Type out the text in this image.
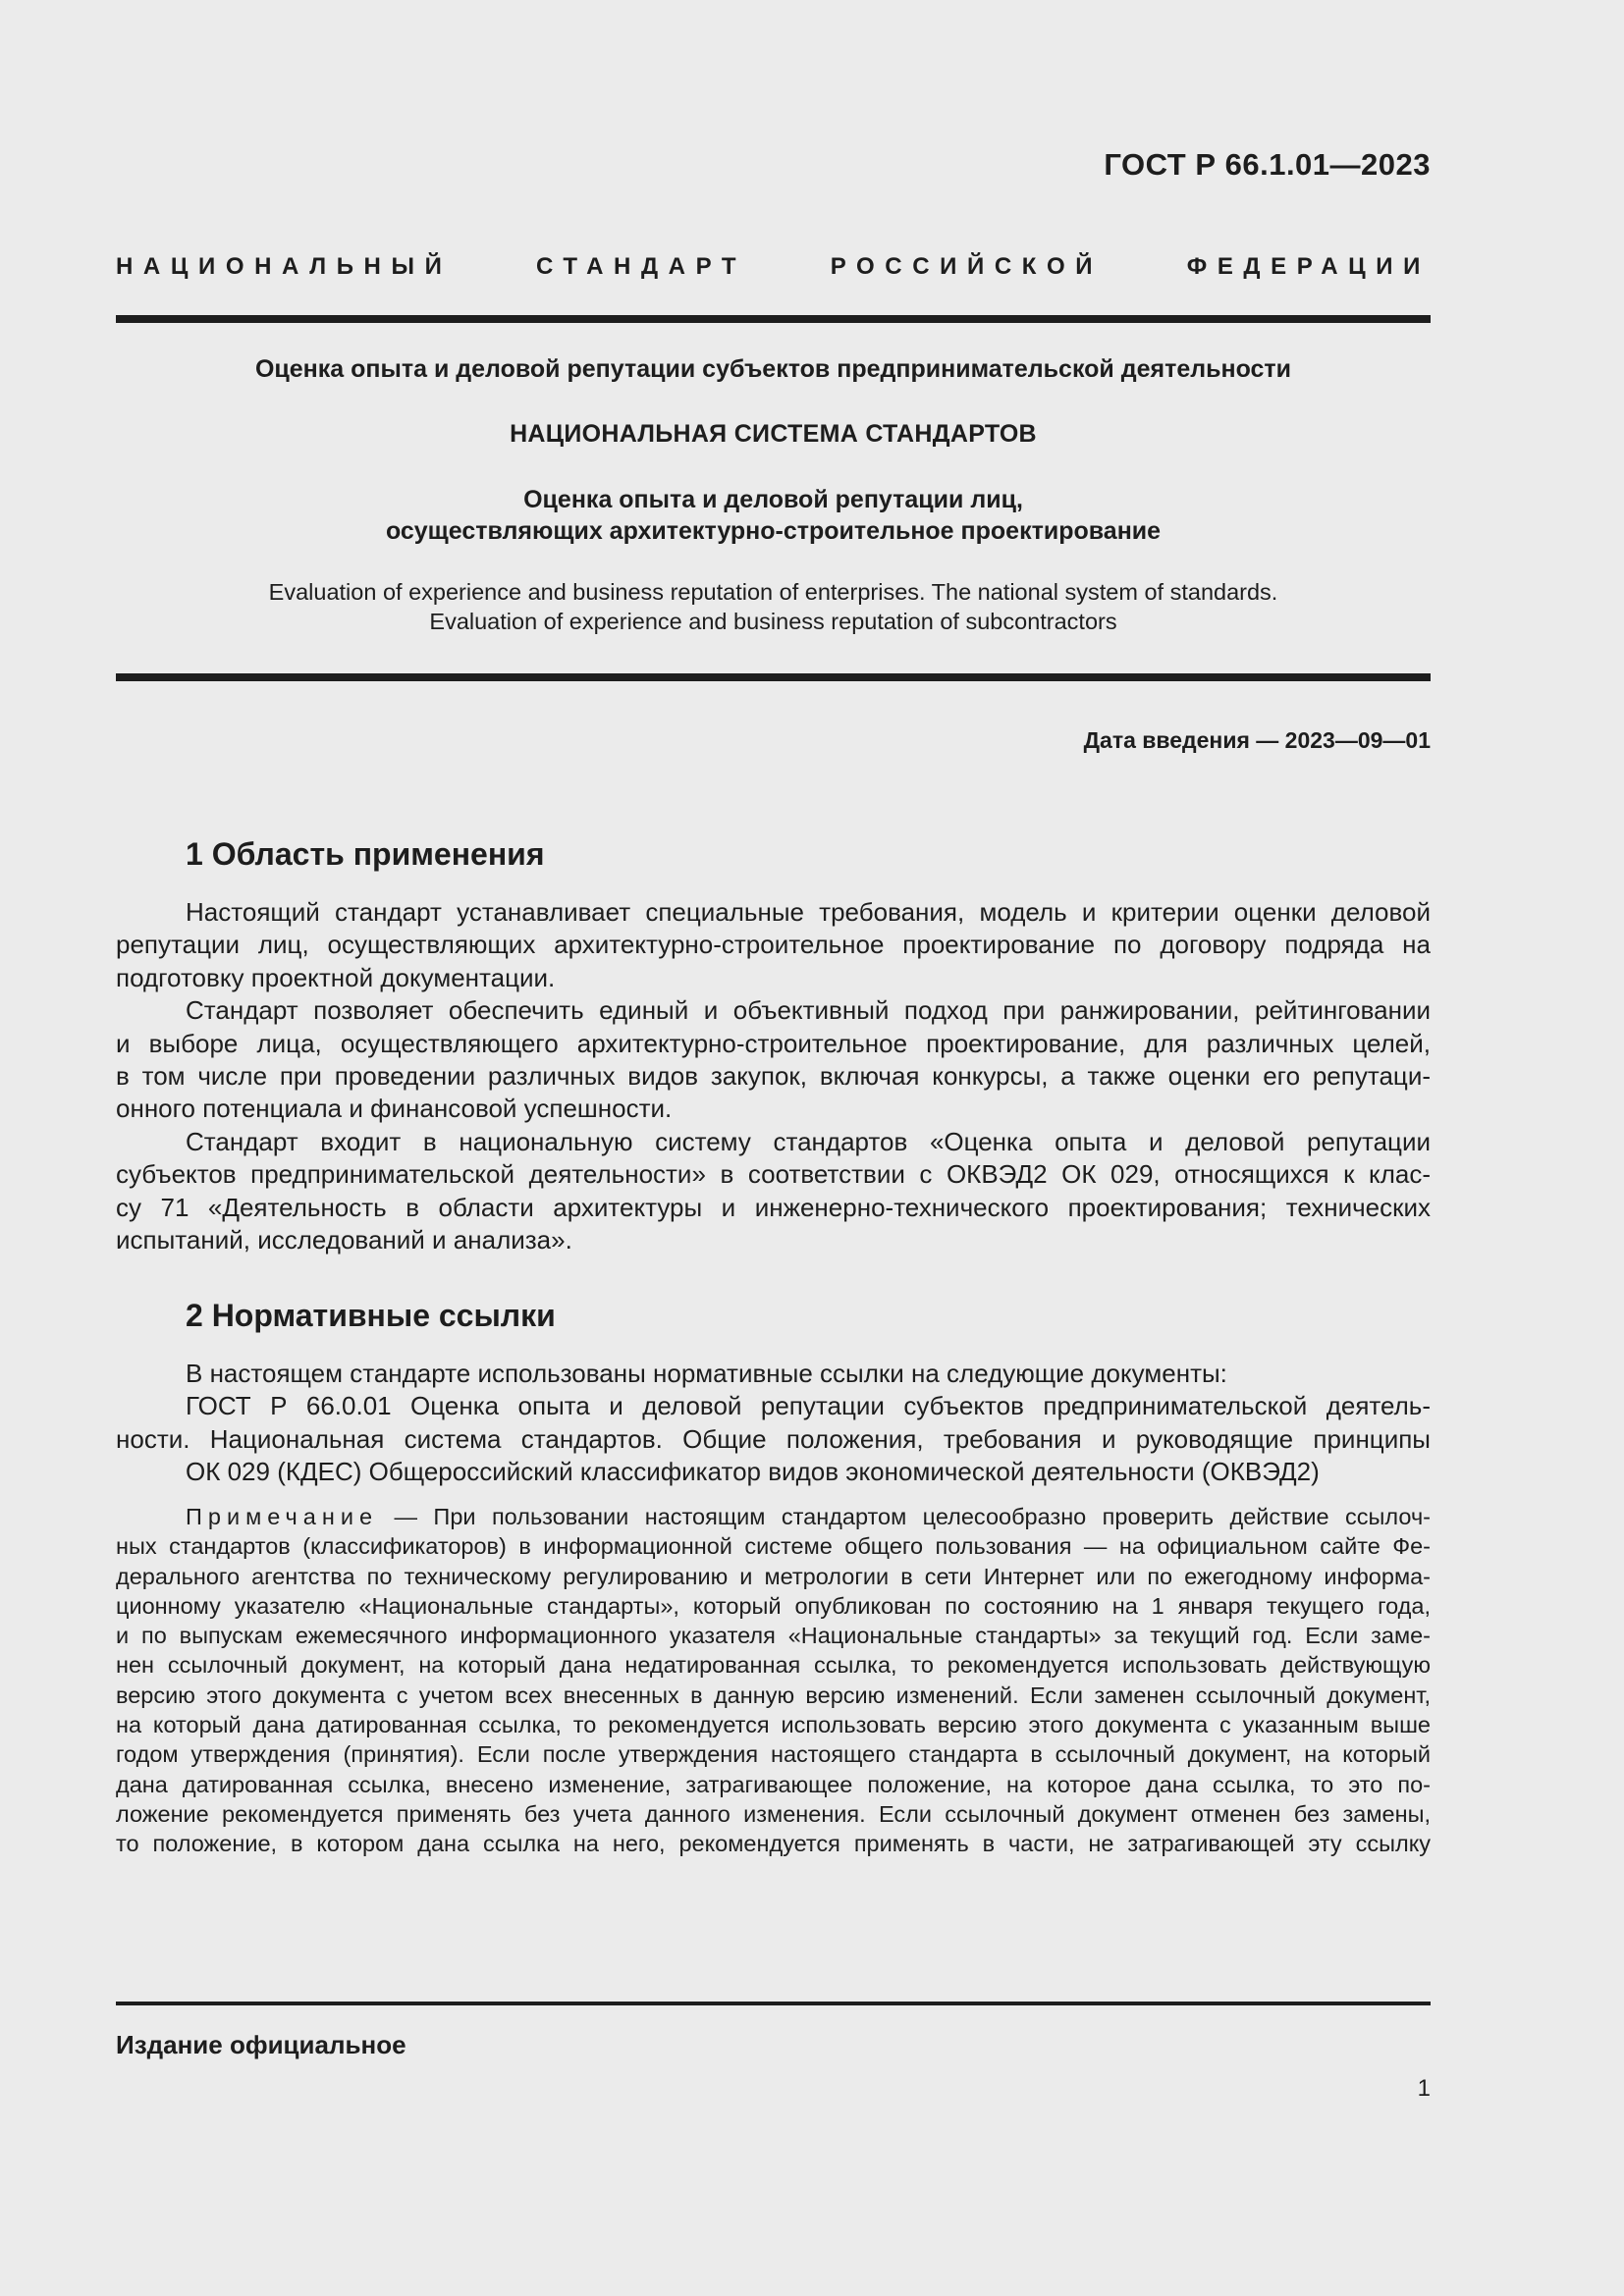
ГОСТ Р 66.1.01—2023
НАЦИОНАЛЬНЫЙ СТАНДАРТ РОССИЙСКОЙ ФЕДЕРАЦИИ
Оценка опыта и деловой репутации субъектов предпринимательской деятельности
НАЦИОНАЛЬНАЯ СИСТЕМА СТАНДАРТОВ
Оценка опыта и деловой репутации лиц,
осуществляющих архитектурно-строительное проектирование
Evaluation of experience and business reputation of enterprises. The national system of standards.
Evaluation of experience and business reputation of subcontractors
Дата введения — 2023—09—01
1 Область применения
Настоящий стандарт устанавливает специальные требования, модель и критерии оценки деловой
репутации лиц, осуществляющих архитектурно-строительное проектирование по договору подряда на
подготовку проектной документации.
Стандарт позволяет обеспечить единый и объективный подход при ранжировании, рейтинговании
и выборе лица, осуществляющего архитектурно-строительное проектирование, для различных целей,
в том числе при проведении различных видов закупок, включая конкурсы, а также оценки его репутаци-
онного потенциала и финансовой успешности.
Стандарт входит в национальную систему стандартов «Оценка опыта и деловой репутации
субъектов предпринимательской деятельности» в соответствии с ОКВЭД2 ОК 029, относящихся к клас-
су 71 «Деятельность в области архитектуры и инженерно-технического проектирования; технических
испытаний, исследований и анализа».
2 Нормативные ссылки
В настоящем стандарте использованы нормативные ссылки на следующие документы:
ГОСТ Р 66.0.01 Оценка опыта и деловой репутации субъектов предпринимательской деятель-
ности. Национальная система стандартов. Общие положения, требования и руководящие принципы
ОК 029 (КДЕС) Общероссийский классификатор видов экономической деятельности (ОКВЭД2)
Примечание — При пользовании настоящим стандартом целесообразно проверить действие ссылоч-
ных стандартов (классификаторов) в информационной системе общего пользования — на официальном сайте Фе-
дерального агентства по техническому регулированию и метрологии в сети Интернет или по ежегодному информа-
ционному указателю «Национальные стандарты», который опубликован по состоянию на 1 января текущего года,
и по выпускам ежемесячного информационного указателя «Национальные стандарты» за текущий год. Если заме-
нен ссылочный документ, на который дана недатированная ссылка, то рекомендуется использовать действующую
версию этого документа с учетом всех внесенных в данную версию изменений. Если заменен ссылочный документ,
на который дана датированная ссылка, то рекомендуется использовать версию этого документа с указанным выше
годом утверждения (принятия). Если после утверждения настоящего стандарта в ссылочный документ, на который
дана датированная ссылка, внесено изменение, затрагивающее положение, на которое дана ссылка, то это по-
ложение рекомендуется применять без учета данного изменения. Если ссылочный документ отменен без замены,
то положение, в котором дана ссылка на него, рекомендуется применять в части, не затрагивающей эту ссылку
Издание официальное
1
